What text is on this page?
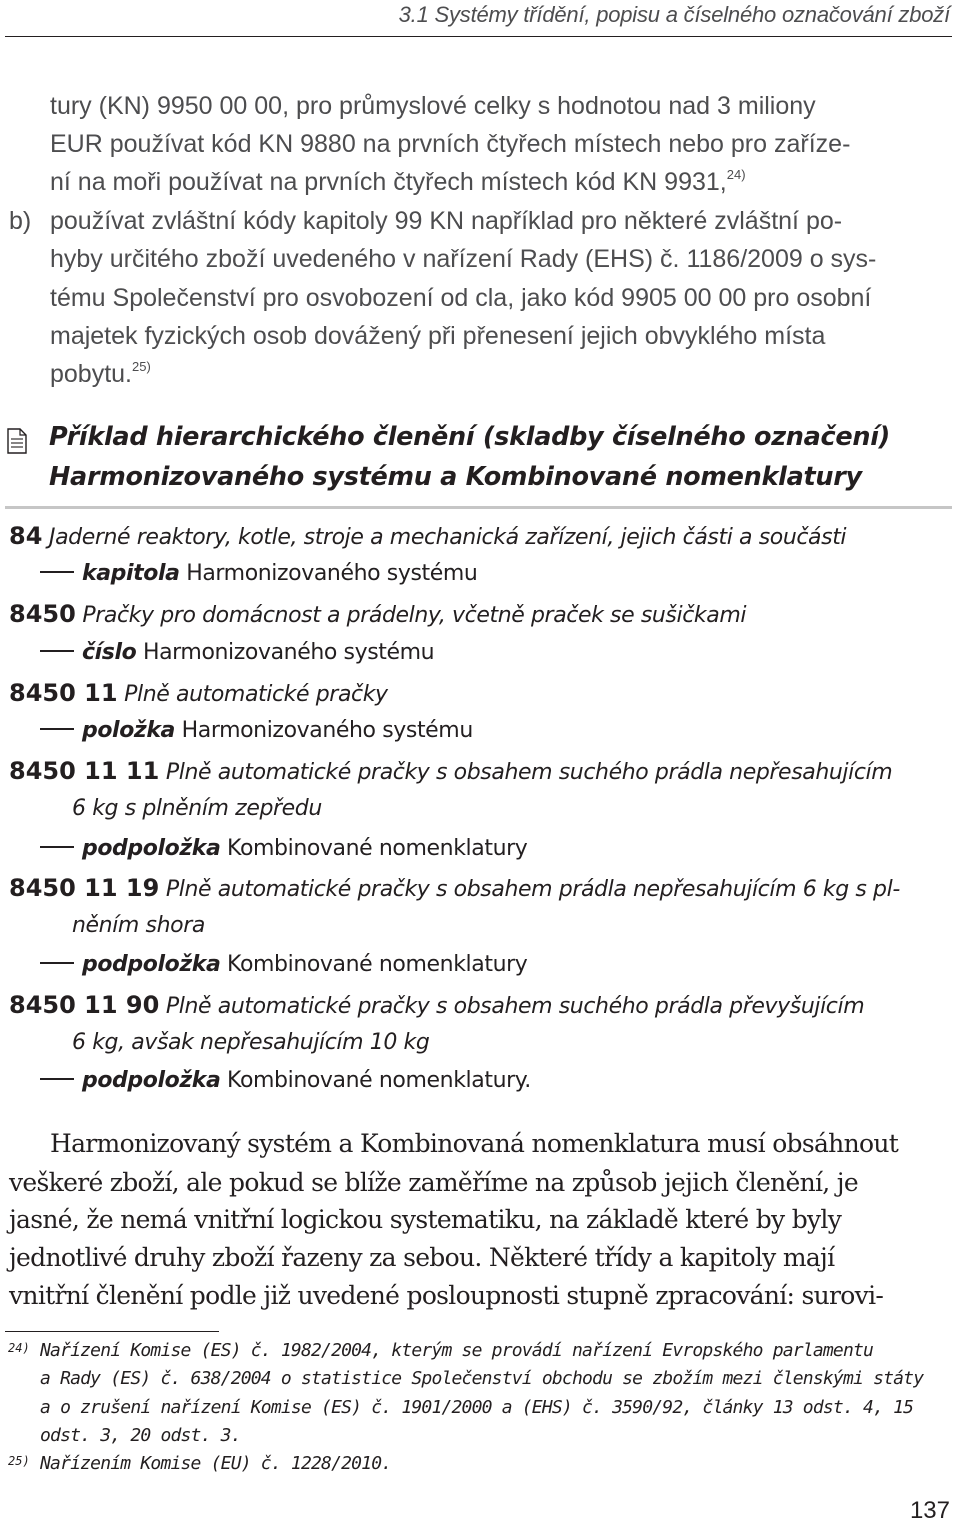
3.1 Systémy třídění, popisu a číselného označování zboží
tury (KN) 9950 00 00, pro průmyslové celky s hodnotou nad 3 miliony
EUR používat kód KN 9880 na prvních čtyřech místech nebo pro zaříze-
ní na moři používat na prvních čtyřech místech kód KN 9931,$^{24)}$
b) používat zvláštní kódy kapitoly 99 KN například pro některé zvláštní po-
hyby určitého zboží uvedeného v nařízení Rady (EHS) č. 1186/2009 o sys-
tému Společenství pro osvobození od cla, jako kód 9905 00 00 pro osobní
majetek fyzických osob dovážený při přenesení jejich obvyklého místa
pobytu.$^{25)}$
Příklad hierarchického členění (skladby číselného označení)
Harmonizovaného systému a Kombinované nomenklatury
84 Jaderné reaktory, kotle, stroje a mechanická zařízení, jejich části a součásti
kapitola Harmonizovaného systému
8450 Pračky pro domácnost a prádelny, včetně praček se sušičkami
číslo Harmonizovaného systému
8450 11 Plně automatické pračky
položka Harmonizovaného systému
8450 11 11 Plně automatické pračky s obsahem suchého prádla nepřesahujícím
6 kg s plněním zepředu
podpoložka Kombinované nomenklatury
8450 11 19 Plně automatické pračky s obsahem prádla nepřesahujícím 6 kg s pl-
něním shora
podpoložka Kombinované nomenklatury
8450 11 90 Plně automatické pračky s obsahem suchého prádla převyšujícím
6 kg, avšak nepřesahujícím 10 kg
podpoložka Kombinované nomenklatury.
Harmonizovaný systém a Kombinovaná nomenklatura musí obsáhnout
veškeré zboží, ale pokud se blíže zaměříme na způsob jejich členění, je
jasné, že nemá vnitřní logickou systematiku, na základě které by byly
jednotlivé druhy zboží řazeny za sebou. Některé třídy a kapitoly mají
vnitřní členění podle již uvedené posloupnosti stupně zpracování: surovi-
24) Nařízení Komise (ES) č. 1982/2004, kterým se provádí nařízení Evropského parlamentu
a Rady (ES) č. 638/2004 o statistice Společenství obchodu se zbožím mezi členskými státy
a o zrušení nařízení Komise (ES) č. 1901/2000 a (EHS) č. 3590/92, články 13 odst. 4, 15
odst. 3, 20 odst. 3.
25) Nařízením Komise (EU) č. 1228/2010.
137
